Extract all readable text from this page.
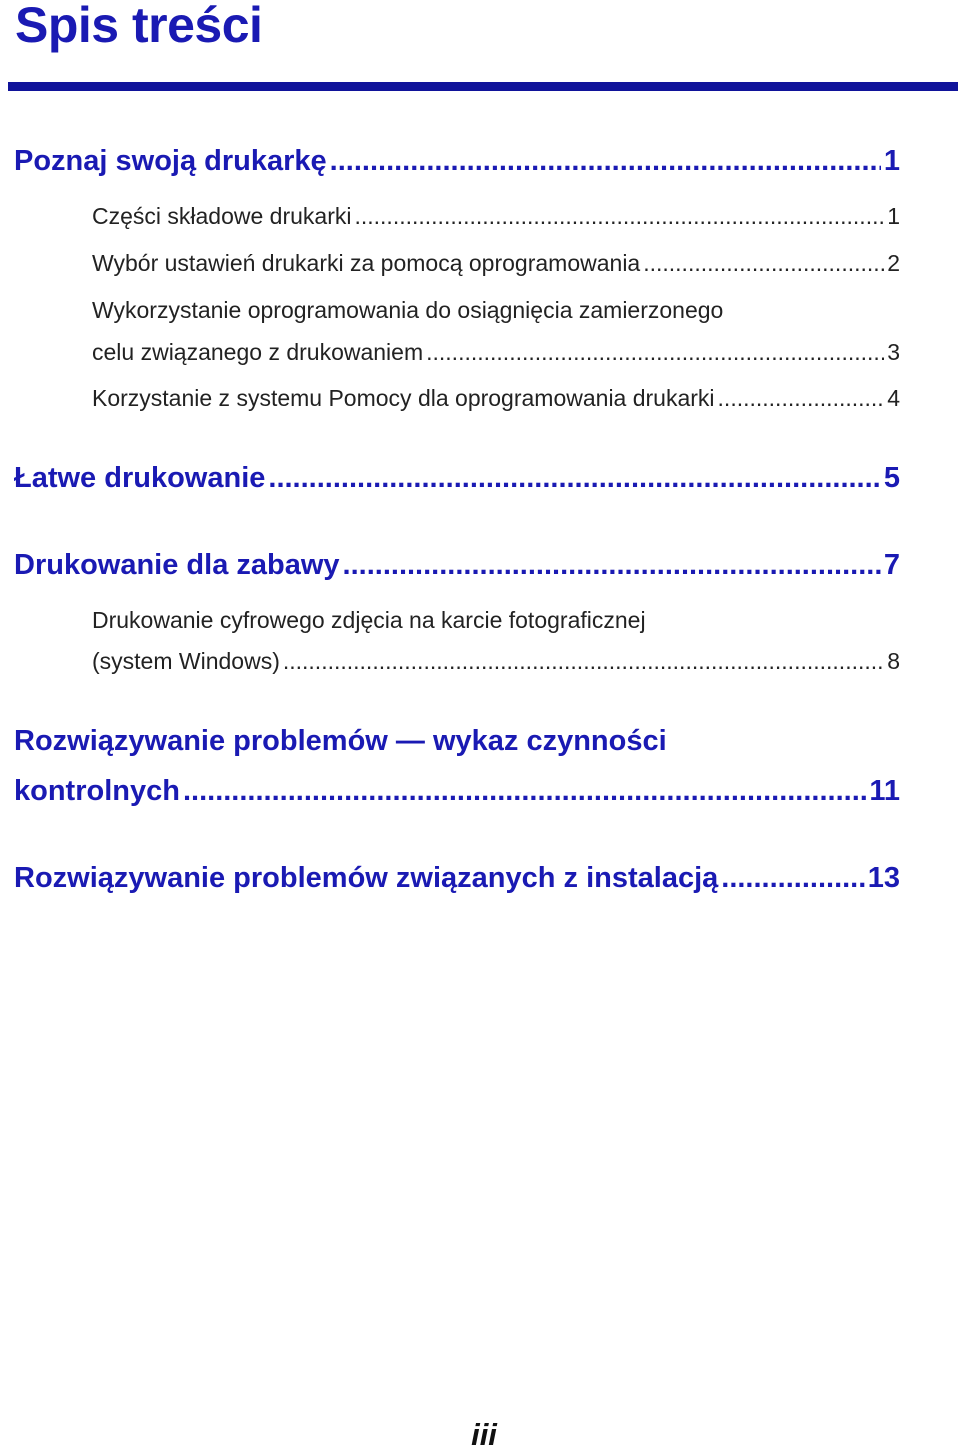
Spis treści
Poznaj swoją drukarkę .....	1
Części składowe drukarki .....	1
Wybór ustawień drukarki za pomocą oprogramowania .....	2
Wykorzystanie oprogramowania do osiągnięcia zamierzonego
celu związanego z drukowaniem .....	3
Korzystanie z systemu Pomocy dla oprogramowania drukarki .....	4
Łatwe drukowanie .....	5
Drukowanie dla zabawy .....	7
Drukowanie cyfrowego zdjęcia na karcie fotograficznej
(system Windows) .....	8
Rozwiązywanie problemów — wykaz czynności
kontrolnych .....	11
Rozwiązywanie problemów związanych z instalacją .....	13
iii
